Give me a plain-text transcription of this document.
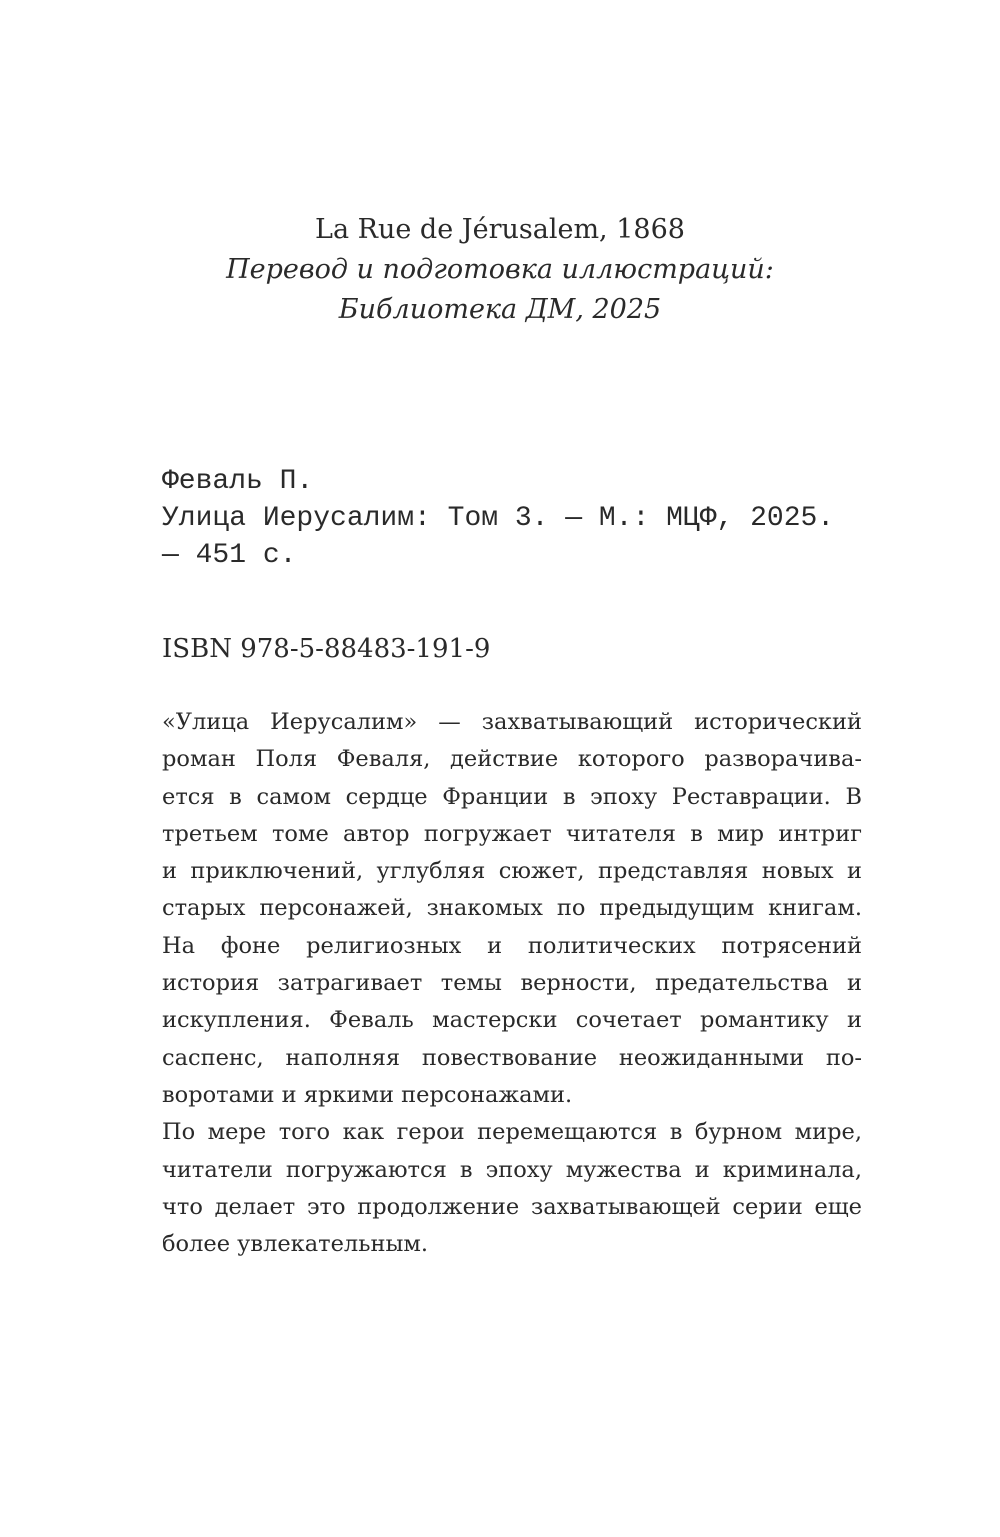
La Rue de Jérusalem, 1868
Перевод и подготовка иллюстраций:
Библиотека ДМ, 2025
Феваль П.
Улица Иерусалим: Том 3. — М.: МЦФ, 2025.
— 451 с.
ISBN 978-5-88483-191-9
«Улица Иерусалим» — захватывающий исторический
роман Поля Феваля, действие которого разворачива-
ется в самом сердце Франции в эпоху Реставрации. В
третьем томе автор погружает читателя в мир интриг
и приключений, углубляя сюжет, представляя новых и
старых персонажей, знакомых по предыдущим книгам.
На фоне религиозных и политических потрясений
история затрагивает темы верности, предательства и
искупления. Феваль мастерски сочетает романтику и
саспенс, наполняя повествование неожиданными по-
воротами и яркими персонажами.
По мере того как герои перемещаются в бурном мире,
читатели погружаются в эпоху мужества и криминала,
что делает это продолжение захватывающей серии еще
более увлекательным.
